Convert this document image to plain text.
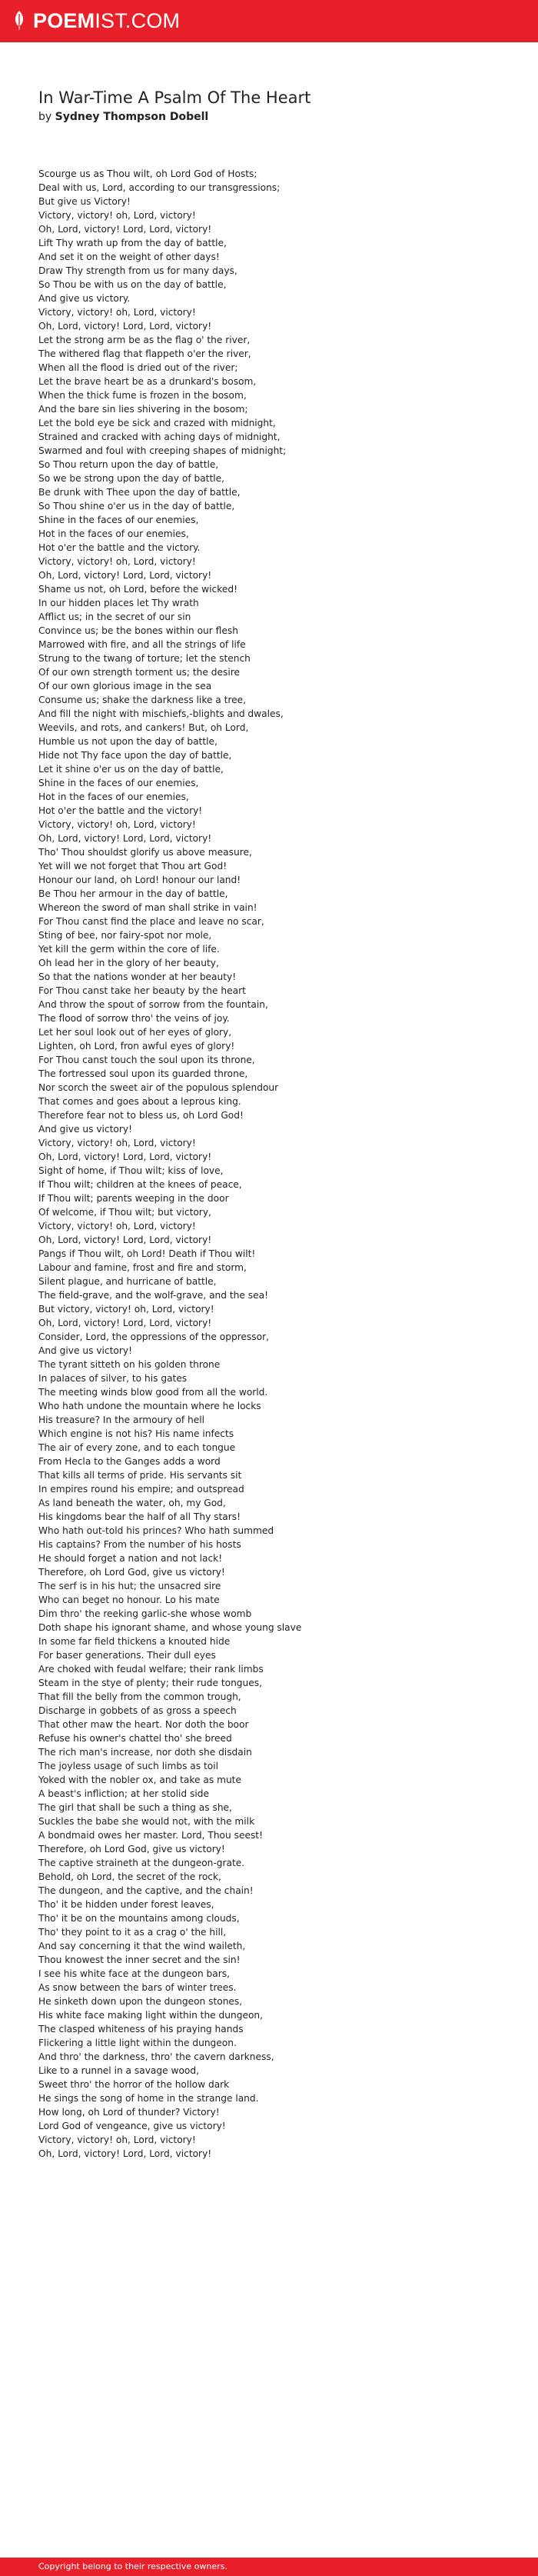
POEMIST.COM
In War-Time A Psalm Of The Heart
by Sydney Thompson Dobell
Scourge us as Thou wilt, oh Lord God of Hosts;
Deal with us, Lord, according to our transgressions;
But give us Victory!
Victory, victory! oh, Lord, victory!
Oh, Lord, victory! Lord, Lord, victory!
Lift Thy wrath up from the day of battle,
And set it on the weight of other days!
Draw Thy strength from us for many days,
So Thou be with us on the day of battle,
And give us victory.
Victory, victory! oh, Lord, victory!
Oh, Lord, victory! Lord, Lord, victory!
Let the strong arm be as the flag o' the river,
The withered flag that flappeth o'er the river,
When all the flood is dried out of the river;
Let the brave heart be as a drunkard's bosom,
When the thick fume is frozen in the bosom,
And the bare sin lies shivering in the bosom;
Let the bold eye be sick and crazed with midnight,
Strained and cracked with aching days of midnight,
Swarmed and foul with creeping shapes of midnight;
So Thou return upon the day of battle,
So we be strong upon the day of battle,
Be drunk with Thee upon the day of battle,
So Thou shine o'er us in the day of battle,
Shine in the faces of our enemies,
Hot in the faces of our enemies,
Hot o'er the battle and the victory.
Victory, victory! oh, Lord, victory!
Oh, Lord, victory! Lord, Lord, victory!
Shame us not, oh Lord, before the wicked!
In our hidden places let Thy wrath
Afflict us; in the secret of our sin
Convince us; be the bones within our flesh
Marrowed with fire, and all the strings of life
Strung to the twang of torture; let the stench
Of our own strength torment us; the desire
Of our own glorious image in the sea
Consume us; shake the darkness like a tree,
And fill the night with mischiefs,-blights and dwales,
Weevils, and rots, and cankers! But, oh Lord,
Humble us not upon the day of battle,
Hide not Thy face upon the day of battle,
Let it shine o'er us on the day of battle,
Shine in the faces of our enemies,
Hot in the faces of our enemies,
Hot o'er the battle and the victory!
Victory, victory! oh, Lord, victory!
Oh, Lord, victory! Lord, Lord, victory!
Tho' Thou shouldst glorify us above measure,
Yet will we not forget that Thou art God!
Honour our land, oh Lord! honour our land!
Be Thou her armour in the day of battle,
Whereon the sword of man shall strike in vain!
For Thou canst find the place and leave no scar,
Sting of bee, nor fairy-spot nor mole,
Yet kill the germ within the core of life.
Oh lead her in the glory of her beauty,
So that the nations wonder at her beauty!
For Thou canst take her beauty by the heart
And throw the spout of sorrow from the fountain,
The flood of sorrow thro' the veins of joy.
Let her soul look out of her eyes of glory,
Lighten, oh Lord, fron awful eyes of glory!
For Thou canst touch the soul upon its throne,
The fortressed soul upon its guarded throne,
Nor scorch the sweet air of the populous splendour
That comes and goes about a leprous king.
Therefore fear not to bless us, oh Lord God!
And give us victory!
Victory, victory! oh, Lord, victory!
Oh, Lord, victory! Lord, Lord, victory!
Sight of home, if Thou wilt; kiss of love,
If Thou wilt; children at the knees of peace,
If Thou wilt; parents weeping in the door
Of welcome, if Thou wilt; but victory,
Victory, victory! oh, Lord, victory!
Oh, Lord, victory! Lord, Lord, victory!
Pangs if Thou wilt, oh Lord! Death if Thou wilt!
Labour and famine, frost and fire and storm,
Silent plague, and hurricane of battle,
The field-grave, and the wolf-grave, and the sea!
But victory, victory! oh, Lord, victory!
Oh, Lord, victory! Lord, Lord, victory!
Consider, Lord, the oppressions of the oppressor,
And give us victory!
The tyrant sitteth on his golden throne
In palaces of silver, to his gates
The meeting winds blow good from all the world.
Who hath undone the mountain where he locks
His treasure? In the armoury of hell
Which engine is not his? His name infects
The air of every zone, and to each tongue
From Hecla to the Ganges adds a word
That kills all terms of pride. His servants sit
In empires round his empire; and outspread
As land beneath the water, oh, my God,
His kingdoms bear the half of all Thy stars!
Who hath out-told his princes? Who hath summed
His captains? From the number of his hosts
He should forget a nation and not lack!
Therefore, oh Lord God, give us victory!
The serf is in his hut; the unsacred sire
Who can beget no honour. Lo his mate
Dim thro' the reeking garlic-she whose womb
Doth shape his ignorant shame, and whose young slave
In some far field thickens a knouted hide
For baser generations. Their dull eyes
Are choked with feudal welfare; their rank limbs
Steam in the stye of plenty; their rude tongues,
That fill the belly from the common trough,
Discharge in gobbets of as gross a speech
That other maw the heart. Nor doth the boor
Refuse his owner's chattel tho' she breed
The rich man's increase, nor doth she disdain
The joyless usage of such limbs as toil
Yoked with the nobler ox, and take as mute
A beast's infliction; at her stolid side
The girl that shall be such a thing as she,
Suckles the babe she would not, with the milk
A bondmaid owes her master. Lord, Thou seest!
Therefore, oh Lord God, give us victory!
The captive straineth at the dungeon-grate.
Behold, oh Lord, the secret of the rock,
The dungeon, and the captive, and the chain!
Tho' it be hidden under forest leaves,
Tho' it be on the mountains among clouds,
Tho' they point to it as a crag o' the hill,
And say concerning it that the wind waileth,
Thou knowest the inner secret and the sin!
I see his white face at the dungeon bars,
As snow between the bars of winter trees.
He sinketh down upon the dungeon stones,
His white face making light within the dungeon,
The clasped whiteness of his praying hands
Flickering a little light within the dungeon.
And thro' the darkness, thro' the cavern darkness,
Like to a runnel in a savage wood,
Sweet thro' the horror of the hollow dark
He sings the song of home in the strange land.
How long, oh Lord of thunder? Victory!
Lord God of vengeance, give us victory!
Victory, victory! oh, Lord, victory!
Oh, Lord, victory! Lord, Lord, victory!
Copyright belong to their respective owners.
